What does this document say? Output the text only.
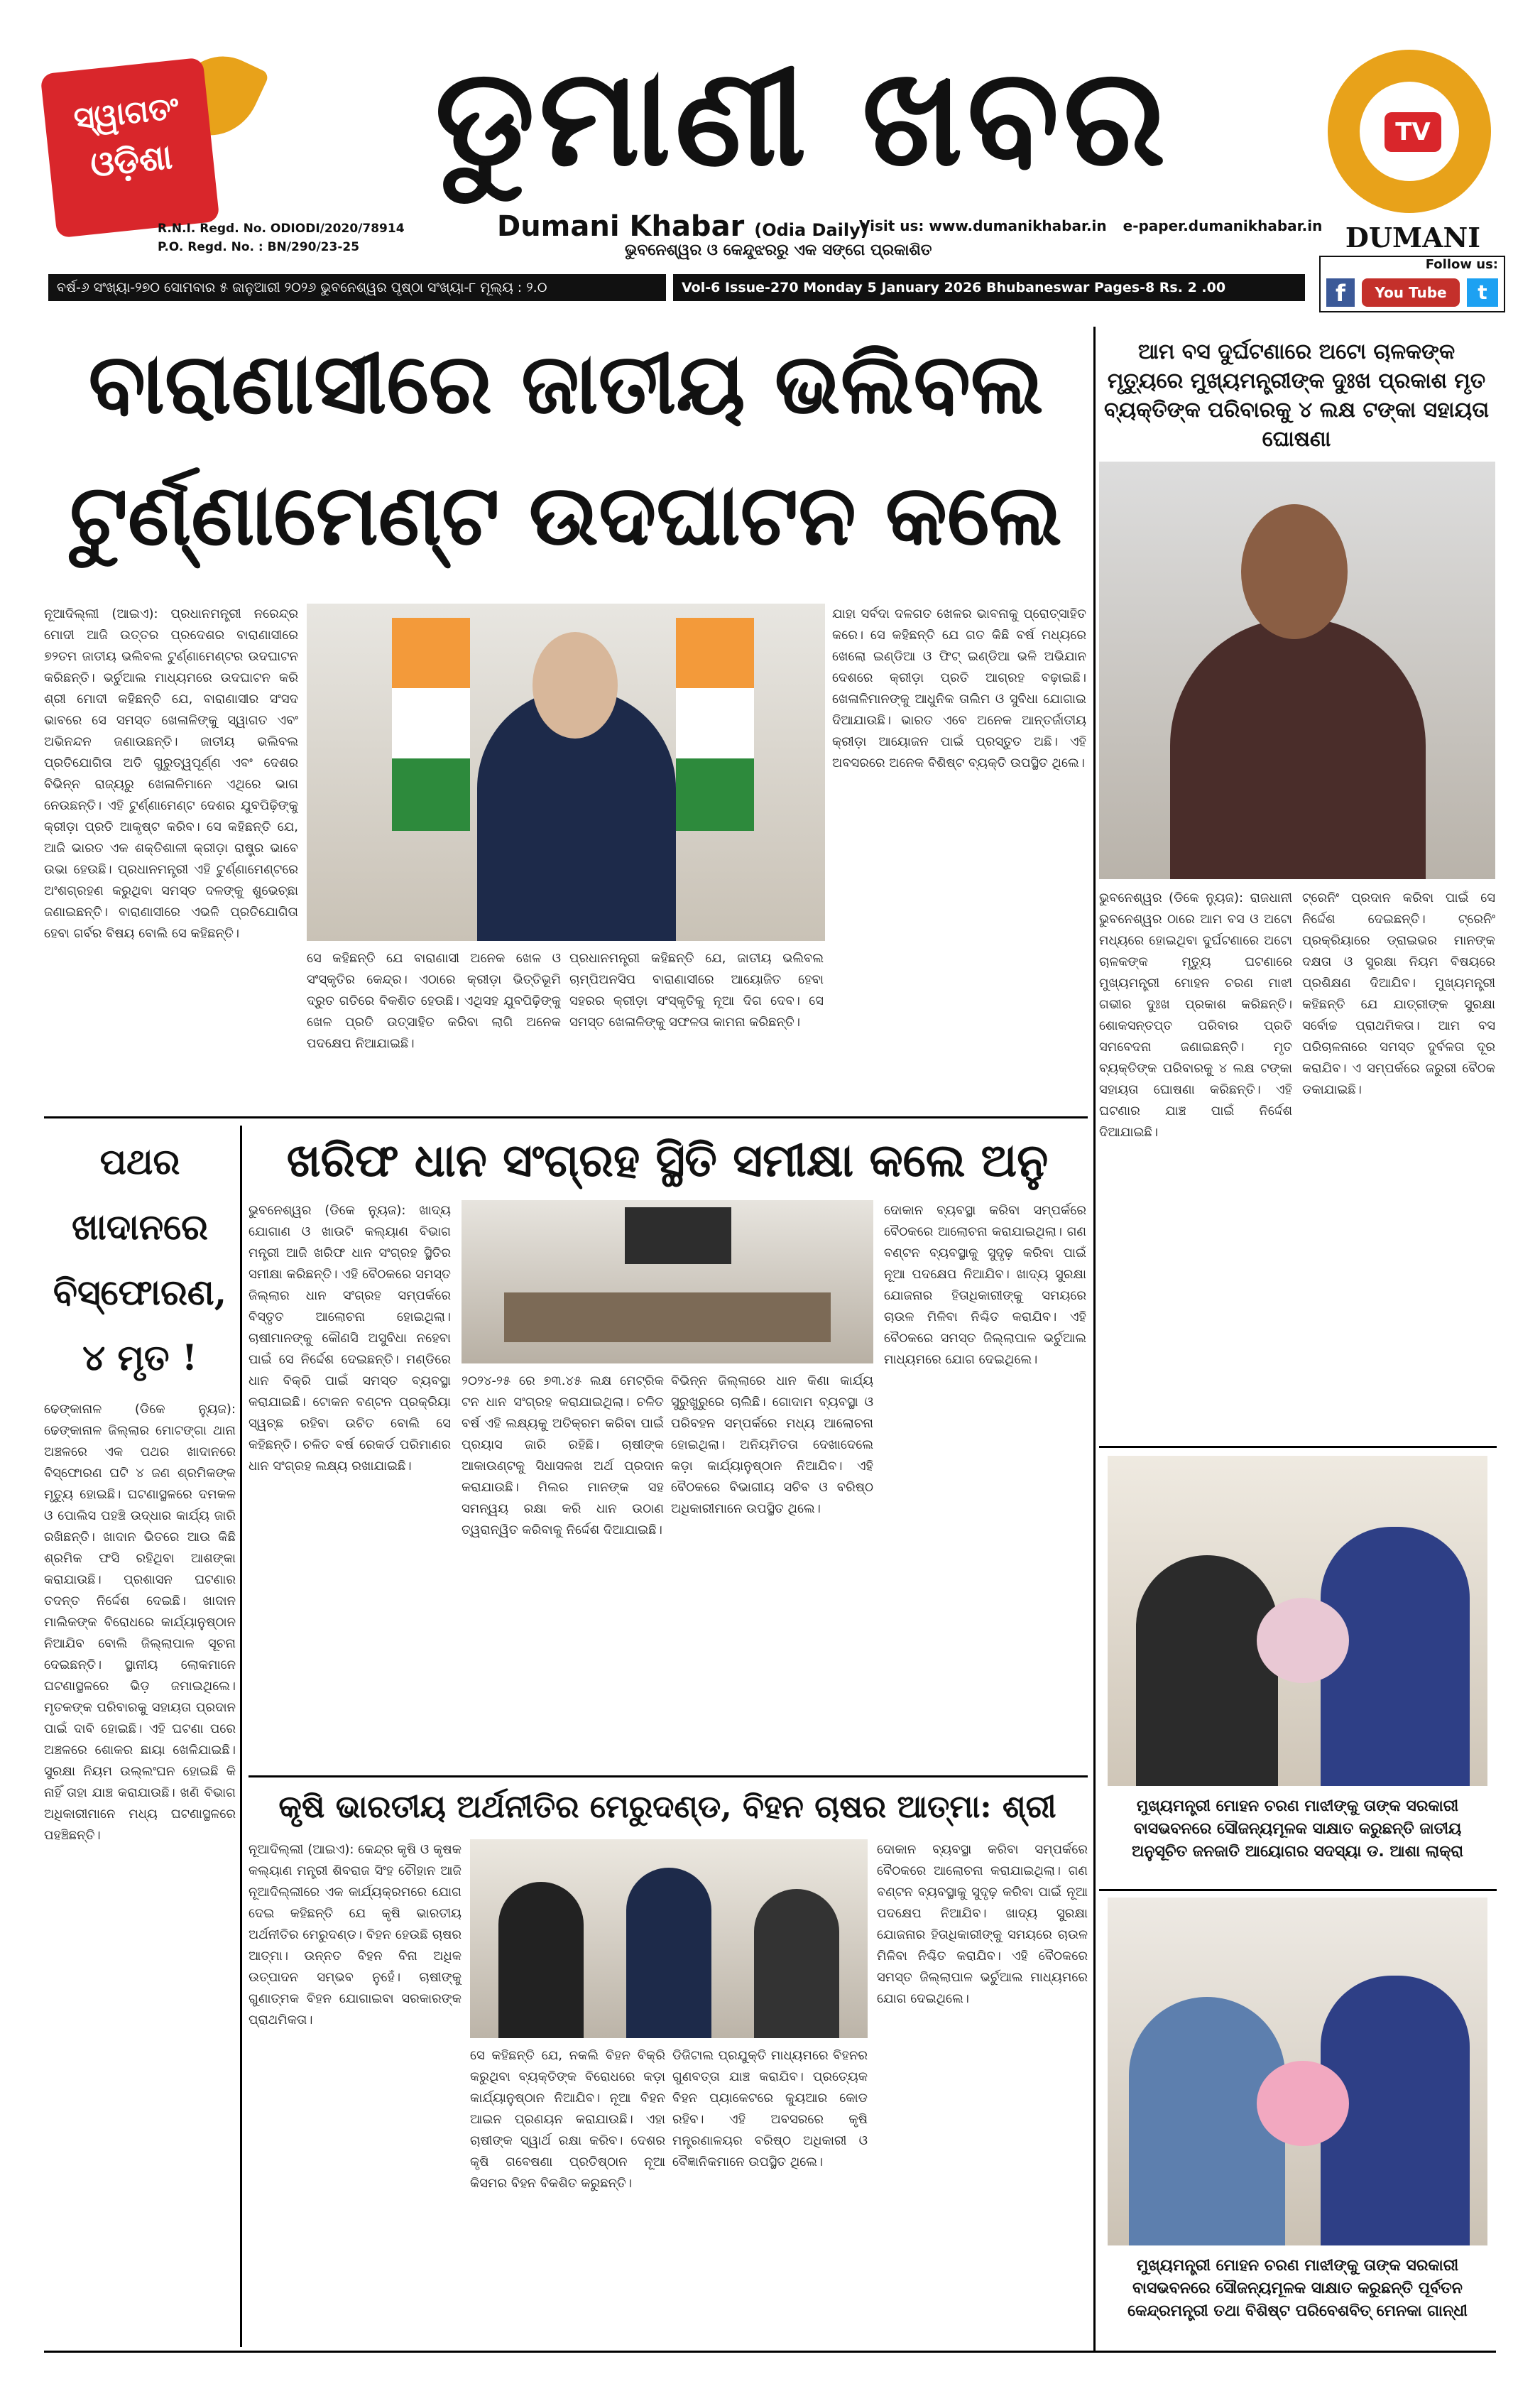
ସ୍ୱାଗତଂ
ଓଡ଼ିଶା	ଡୁମାଣୀ ଖବର
R.N.I. Regd. No. ODIODI/2020/78914
P.O. Regd. No. : BN/290/23-25
Dumani Khabar (Odia Daily)
Visit us: www.dumanikhabar.in e-paper.dumanikhabar.in
ଭୁବନେଶ୍ୱର ଓ କେନ୍ଦୁଝରରୁ ଏକ ସଙ୍ଗେ ପ୍ରକାଶିତ
TV
DUMANI
Follow us:
f	You Tube	t
ବର୍ଷ-୬ ସଂଖ୍ୟା-୨୭୦ ସୋମବାର ୫ ଜାନୁଆରୀ ୨୦୨୬ ଭୁବନେଶ୍ୱର ପୃଷ୍ଠା ସଂଖ୍ୟା-୮ ମୂଲ୍ୟ : ୨.୦	Vol-6 Issue-270 Monday 5 January 2026 Bhubaneswar Pages-8 Rs. 2 .00
ବାରାଣାସୀରେ ଜାତୀୟ ଭଲିବଲ
ଟୁର୍ଣ୍ଣାମେଣ୍ଟ ଉଦଘାଟନ କଲେ
ନୂଆଦିଲ୍ଲୀ (ଆଇଏ): ପ୍ରଧାନମନ୍ତ୍ରୀ ନରେନ୍ଦ୍ର ମୋଦୀ ଆଜି ଉତ୍ତର ପ୍ରଦେଶର ବାରାଣାସୀରେ ୭୨ତମ ଜାତୀୟ ଭଲିବଲ ଟୁର୍ଣ୍ଣାମେଣ୍ଟର ଉଦଘାଟନ କରିଛନ୍ତି। ଭର୍ଚୁଆଲ ମାଧ୍ୟମରେ ଉଦଘାଟନ କରି ଶ୍ରୀ ମୋଦୀ କହିଛନ୍ତି ଯେ, ବାରାଣାସୀର ସଂସଦ ଭାବରେ ସେ ସମସ୍ତ ଖେଳାଳିଙ୍କୁ ସ୍ୱାଗତ ଏବଂ ଅଭିନନ୍ଦନ ଜଣାଉଛନ୍ତି। ଜାତୀୟ ଭଲିବଲ ପ୍ରତିଯୋଗିତା ଅତି ଗୁରୁତ୍ୱପୂର୍ଣ୍ଣ ଏବଂ ଦେଶର ବିଭିନ୍ନ ରାଜ୍ୟରୁ ଖେଳାଳିମାନେ ଏଥିରେ ଭାଗ ନେଉଛନ୍ତି। ଏହି ଟୁର୍ଣ୍ଣାମେଣ୍ଟ ଦେଶର ଯୁବପିଢ଼ିଙ୍କୁ କ୍ରୀଡ଼ା ପ୍ରତି ଆକୃଷ୍ଟ କରିବ। ସେ କହିଛନ୍ତି ଯେ, ଆଜି ଭାରତ ଏକ ଶକ୍ତିଶାଳୀ କ୍ରୀଡ଼ା ରାଷ୍ଟ୍ର ଭାବେ ଉଭା ହେଉଛି। ପ୍ରଧାନମନ୍ତ୍ରୀ ଏହି ଟୁର୍ଣ୍ଣାମେଣ୍ଟରେ ଅଂଶଗ୍ରହଣ କରୁଥିବା ସମସ୍ତ ଦଳଙ୍କୁ ଶୁଭେଚ୍ଛା ଜଣାଇଛନ୍ତି। ବାରାଣାସୀରେ ଏଭଳି ପ୍ରତିଯୋଗିତା ହେବା ଗର୍ବର ବିଷୟ ବୋଲି ସେ କହିଛନ୍ତି।
ସେ କହିଛନ୍ତି ଯେ ବାରାଣାସୀ ଅନେକ ଖେଳ ଓ ସଂସ୍କୃତିର କେନ୍ଦ୍ର। ଏଠାରେ କ୍ରୀଡ଼ା ଭିତ୍ତିଭୂମି ଦ୍ରୁତ ଗତିରେ ବିକଶିତ ହେଉଛି। ଏଥିସହ ଯୁବପିଢ଼ିଙ୍କୁ ଖେଳ ପ୍ରତି ଉତ୍ସାହିତ କରିବା ଲାଗି ଅନେକ ପଦକ୍ଷେପ ନିଆଯାଇଛି।
ପ୍ରଧାନମନ୍ତ୍ରୀ କହିଛନ୍ତି ଯେ, ଜାତୀୟ ଭଲିବଲ ଚାମ୍ପିଅନସିପ ବାରାଣାସୀରେ ଆୟୋଜିତ ହେବା ସହରର କ୍ରୀଡ଼ା ସଂସ୍କୃତିକୁ ନୂଆ ଦିଗ ଦେବ। ସେ ସମସ୍ତ ଖେଳାଳିଙ୍କୁ ସଫଳତା କାମନା କରିଛନ୍ତି।
ଯାହା ସର୍ବଦା ଦଳଗତ ଖେଳର ଭାବନାକୁ ପ୍ରୋତ୍ସାହିତ କରେ। ସେ କହିଛନ୍ତି ଯେ ଗତ କିଛି ବର୍ଷ ମଧ୍ୟରେ ଖେଲୋ ଇଣ୍ଡିଆ ଓ ଫିଟ୍ ଇଣ୍ଡିଆ ଭଳି ଅଭିଯାନ ଦେଶରେ କ୍ରୀଡ଼ା ପ୍ରତି ଆଗ୍ରହ ବଢ଼ାଇଛି। ଖେଳାଳିମାନଙ୍କୁ ଆଧୁନିକ ତାଲିମ ଓ ସୁବିଧା ଯୋଗାଇ ଦିଆଯାଉଛି। ଭାରତ ଏବେ ଅନେକ ଆନ୍ତର୍ଜାତୀୟ କ୍ରୀଡ଼ା ଆୟୋଜନ ପାଇଁ ପ୍ରସ୍ତୁତ ଅଛି। ଏହି ଅବସରରେ ଅନେକ ବିଶିଷ୍ଟ ବ୍ୟକ୍ତି ଉପସ୍ଥିତ ଥିଲେ।
ଆମ ବସ ଦୁର୍ଘଟଣାରେ ଅଟୋ ଚାଳକଙ୍କ ମୃତ୍ୟୁରେ ମୁଖ୍ୟମନ୍ତ୍ରୀଙ୍କ ଦୁଃଖ ପ୍ରକାଶ ମୃତ ବ୍ୟକ୍ତିଙ୍କ ପରିବାରକୁ ୪ ଲକ୍ଷ ଟଙ୍କା ସହାୟତା ଘୋଷଣା
ଭୁବନେଶ୍ୱର (ଡିକେ ନ୍ୟୁଜ): ରାଜଧାନୀ ଭୁବନେଶ୍ୱର ଠାରେ ଆମ ବସ ଓ ଅଟୋ ମଧ୍ୟରେ ହୋଇଥିବା ଦୁର୍ଘଟଣାରେ ଅଟୋ ଚାଳକଙ୍କ ମୃତ୍ୟୁ ଘଟଣାରେ ମୁଖ୍ୟମନ୍ତ୍ରୀ ମୋହନ ଚରଣ ମାଝୀ ଗଭୀର ଦୁଃଖ ପ୍ରକାଶ କରିଛନ୍ତି। ଶୋକସନ୍ତପ୍ତ ପରିବାର ପ୍ରତି ସମବେଦନା ଜଣାଇଛନ୍ତି। ମୃତ ବ୍ୟକ୍ତିଙ୍କ ପରିବାରକୁ ୪ ଲକ୍ଷ ଟଙ୍କା ସହାୟତା ଘୋଷଣା କରିଛନ୍ତି। ଏହି ଘଟଣାର ଯାଞ୍ଚ ପାଇଁ ନିର୍ଦ୍ଦେଶ ଦିଆଯାଇଛି।
ଟ୍ରେନିଂ ପ୍ରଦାନ କରିବା ପାଇଁ ସେ ନିର୍ଦ୍ଦେଶ ଦେଇଛନ୍ତି। ଟ୍ରେନିଂ ପ୍ରକ୍ରିୟାରେ ଡ୍ରାଇଭର ମାନଙ୍କ ଦକ୍ଷତା ଓ ସୁରକ୍ଷା ନିୟମ ବିଷୟରେ ପ୍ରଶିକ୍ଷଣ ଦିଆଯିବ। ମୁଖ୍ୟମନ୍ତ୍ରୀ କହିଛନ୍ତି ଯେ ଯାତ୍ରୀଙ୍କ ସୁରକ୍ଷା ସର୍ବୋଚ୍ଚ ପ୍ରାଥମିକତା। ଆମ ବସ ପରିଚାଳନାରେ ସମସ୍ତ ଦୁର୍ବଳତା ଦୂର କରାଯିବ। ଏ ସମ୍ପର୍କରେ ଜରୁରୀ ବୈଠକ ଡକାଯାଇଛି।
ପଥର
ଖାଦାନରେ
ବିସ୍ଫୋରଣ,
୪ ମୃତ !
ଢେଙ୍କାନାଳ (ଡିକେ ନ୍ୟୁଜ): ଢେଙ୍କାନାଳ ଜିଲ୍ଲାର ମୋଟଙ୍ଗା ଥାନା ଅଞ୍ଚଳରେ ଏକ ପଥର ଖାଦାନରେ ବିସ୍ଫୋରଣ ଘଟି ୪ ଜଣ ଶ୍ରମିକଙ୍କ ମୃତ୍ୟୁ ହୋଇଛି। ଘଟଣାସ୍ଥଳରେ ଦମକଳ ଓ ପୋଲିସ ପହଞ୍ଚି ଉଦ୍ଧାର କାର୍ଯ୍ୟ ଜାରି ରଖିଛନ୍ତି। ଖାଦାନ ଭିତରେ ଆଉ କିଛି ଶ୍ରମିକ ଫସି ରହିଥିବା ଆଶଙ୍କା କରାଯାଉଛି। ପ୍ରଶାସନ ଘଟଣାର ତଦନ୍ତ ନିର୍ଦ୍ଦେଶ ଦେଇଛି। ଖାଦାନ ମାଲିକଙ୍କ ବିରୋଧରେ କାର୍ଯ୍ୟାନୁଷ୍ଠାନ ନିଆଯିବ ବୋଲି ଜିଲ୍ଲାପାଳ ସୂଚନା ଦେଇଛନ୍ତି। ସ୍ଥାନୀୟ ଲୋକମାନେ ଘଟଣାସ୍ଥଳରେ ଭିଡ଼ ଜମାଇଥିଲେ। ମୃତକଙ୍କ ପରିବାରକୁ ସହାୟତା ପ୍ରଦାନ ପାଇଁ ଦାବି ହୋଇଛି। ଏହି ଘଟଣା ପରେ ଅଞ୍ଚଳରେ ଶୋକର ଛାୟା ଖେଳିଯାଇଛି। ସୁରକ୍ଷା ନିୟମ ଉଲ୍ଲଂଘନ ହୋଇଛି କି ନାହିଁ ତାହା ଯାଞ୍ଚ କରାଯାଉଛି। ଖଣି ବିଭାଗ ଅଧିକାରୀମାନେ ମଧ୍ୟ ଘଟଣାସ୍ଥଳରେ ପହଞ୍ଚିଛନ୍ତି।
ଖରିଫ ଧାନ ସଂଗ୍ରହ ସ୍ଥିତି ସମୀକ୍ଷା କଲେ ଅନୁ
ଭୁବନେଶ୍ୱର (ଡିକେ ନ୍ୟୁଜ): ଖାଦ୍ୟ ଯୋଗାଣ ଓ ଖାଉଟି କଲ୍ୟାଣ ବିଭାଗ ମନ୍ତ୍ରୀ ଆଜି ଖରିଫ ଧାନ ସଂଗ୍ରହ ସ୍ଥିତିର ସମୀକ୍ଷା କରିଛନ୍ତି। ଏହି ବୈଠକରେ ସମସ୍ତ ଜିଲ୍ଲାର ଧାନ ସଂଗ୍ରହ ସମ୍ପର୍କରେ ବିସ୍ତୃତ ଆଲୋଚନା ହୋଇଥିଲା। ଚାଷୀମାନଙ୍କୁ କୌଣସି ଅସୁବିଧା ନହେବା ପାଇଁ ସେ ନିର୍ଦ୍ଦେଶ ଦେଇଛନ୍ତି। ମଣ୍ଡିରେ ଧାନ ବିକ୍ରି ପାଇଁ ସମସ୍ତ ବ୍ୟବସ୍ଥା କରାଯାଇଛି। ଟୋକନ ବଣ୍ଟନ ପ୍ରକ୍ରିୟା ସ୍ୱଚ୍ଛ ରହିବା ଉଚିତ ବୋଲି ସେ କହିଛନ୍ତି। ଚଳିତ ବର୍ଷ ରେକର୍ଡ ପରିମାଣର ଧାନ ସଂଗ୍ରହ ଲକ୍ଷ୍ୟ ରଖାଯାଇଛି।
୨୦୨୪-୨୫ ରେ ୭୩.୪୫ ଲକ୍ଷ ମେଟ୍ରିକ ଟନ ଧାନ ସଂଗ୍ରହ କରାଯାଇଥିଲା। ଚଳିତ ବର୍ଷ ଏହି ଲକ୍ଷ୍ୟକୁ ଅତିକ୍ରମ କରିବା ପାଇଁ ପ୍ରୟାସ ଜାରି ରହିଛି। ଚାଷୀଙ୍କ ଆକାଉଣ୍ଟକୁ ସିଧାସଳଖ ଅର୍ଥ ପ୍ରଦାନ କରାଯାଉଛି। ମିଲର ମାନଙ୍କ ସହ ସମନ୍ୱୟ ରକ୍ଷା କରି ଧାନ ଉଠାଣ ତ୍ୱରାନ୍ୱିତ କରିବାକୁ ନିର୍ଦ୍ଦେଶ ଦିଆଯାଇଛି।
ବିଭିନ୍ନ ଜିଲ୍ଲାରେ ଧାନ କିଣା କାର୍ଯ୍ୟ ସୁରୁଖୁରୁରେ ଚାଲିଛି। ଗୋଦାମ ବ୍ୟବସ୍ଥା ଓ ପରିବହନ ସମ୍ପର୍କରେ ମଧ୍ୟ ଆଲୋଚନା ହୋଇଥିଲା। ଅନିୟମିତତା ଦେଖାଦେଲେ କଡ଼ା କାର୍ଯ୍ୟାନୁଷ୍ଠାନ ନିଆଯିବ। ଏହି ବୈଠକରେ ବିଭାଗୀୟ ସଚିବ ଓ ବରିଷ୍ଠ ଅଧିକାରୀମାନେ ଉପସ୍ଥିତ ଥିଲେ।
ଦୋକାନ ବ୍ୟବସ୍ଥା କରିବା ସମ୍ପର୍କରେ ବୈଠକରେ ଆଲୋଚନା କରାଯାଇଥିଲା। ଗଣ ବଣ୍ଟନ ବ୍ୟବସ୍ଥାକୁ ସୁଦୃଢ଼ କରିବା ପାଇଁ ନୂଆ ପଦକ୍ଷେପ ନିଆଯିବ। ଖାଦ୍ୟ ସୁରକ୍ଷା ଯୋଜନାର ହିତାଧିକାରୀଙ୍କୁ ସମୟରେ ଚାଉଳ ମିଳିବା ନିଶ୍ଚିତ କରାଯିବ। ଏହି ବୈଠକରେ ସମସ୍ତ ଜିଲ୍ଲାପାଳ ଭର୍ଚୁଆଲ ମାଧ୍ୟମରେ ଯୋଗ ଦେଇଥିଲେ।
କୃଷି ଭାରତୀୟ ଅର୍ଥନୀତିର ମେରୁଦଣ୍ଡ, ବିହନ ଚାଷର ଆତ୍ମା: ଶ୍ରୀ
ନୂଆଦିଲ୍ଲୀ (ଆଇଏ): କେନ୍ଦ୍ର କୃଷି ଓ କୃଷକ କଲ୍ୟାଣ ମନ୍ତ୍ରୀ ଶିବରାଜ ସିଂହ ଚୌହାନ ଆଜି ନୂଆଦିଲ୍ଲୀରେ ଏକ କାର୍ଯ୍ୟକ୍ରମରେ ଯୋଗ ଦେଇ କହିଛନ୍ତି ଯେ କୃଷି ଭାରତୀୟ ଅର୍ଥନୀତିର ମେରୁଦଣ୍ଡ। ବିହନ ହେଉଛି ଚାଷର ଆତ୍ମା। ଉନ୍ନତ ବିହନ ବିନା ଅଧିକ ଉତ୍ପାଦନ ସମ୍ଭବ ନୁହେଁ। ଚାଷୀଙ୍କୁ ଗୁଣାତ୍ମକ ବିହନ ଯୋଗାଇବା ସରକାରଙ୍କ ପ୍ରାଥମିକତା।
ସେ କହିଛନ୍ତି ଯେ, ନକଲି ବିହନ ବିକ୍ରି କରୁଥିବା ବ୍ୟକ୍ତିଙ୍କ ବିରୋଧରେ କଡ଼ା କାର୍ଯ୍ୟାନୁଷ୍ଠାନ ନିଆଯିବ। ନୂଆ ବିହନ ଆଇନ ପ୍ରଣୟନ କରାଯାଉଛି। ଏହା ଚାଷୀଙ୍କ ସ୍ୱାର୍ଥ ରକ୍ଷା କରିବ। ଦେଶର କୃଷି ଗବେଷଣା ପ୍ରତିଷ୍ଠାନ ନୂଆ କିସମର ବିହନ ବିକଶିତ କରୁଛନ୍ତି।
ଡିଜିଟାଲ ପ୍ରଯୁକ୍ତି ମାଧ୍ୟମରେ ବିହନର ଗୁଣବତ୍ତା ଯାଞ୍ଚ କରାଯିବ। ପ୍ରତ୍ୟେକ ବିହନ ପ୍ୟାକେଟରେ କ୍ୟୁଆର କୋଡ ରହିବ। ଏହି ଅବସରରେ କୃଷି ମନ୍ତ୍ରଣାଳୟର ବରିଷ୍ଠ ଅଧିକାରୀ ଓ ବୈଜ୍ଞାନିକମାନେ ଉପସ୍ଥିତ ଥିଲେ।
ଦୋକାନ ବ୍ୟବସ୍ଥା କରିବା ସମ୍ପର୍କରେ ବୈଠକରେ ଆଲୋଚନା କରାଯାଇଥିଲା। ଗଣ ବଣ୍ଟନ ବ୍ୟବସ୍ଥାକୁ ସୁଦୃଢ଼ କରିବା ପାଇଁ ନୂଆ ପଦକ୍ଷେପ ନିଆଯିବ। ଖାଦ୍ୟ ସୁରକ୍ଷା ଯୋଜନାର ହିତାଧିକାରୀଙ୍କୁ ସମୟରେ ଚାଉଳ ମିଳିବା ନିଶ୍ଚିତ କରାଯିବ। ଏହି ବୈଠକରେ ସମସ୍ତ ଜିଲ୍ଲାପାଳ ଭର୍ଚୁଆଲ ମାଧ୍ୟମରେ ଯୋଗ ଦେଇଥିଲେ।
ମୁଖ୍ୟମନ୍ତ୍ରୀ ମୋହନ ଚରଣ ମାଝୀଙ୍କୁ ତାଙ୍କ ସରକାରୀ ବାସଭବନରେ ସୌଜନ୍ୟମୂଳକ ସାକ୍ଷାତ କରୁଛନ୍ତି ଜାତୀୟ ଅନୁସୂଚିତ ଜନଜାତି ଆୟୋଗର ସଦସ୍ୟା ଡ. ଆଶା ଲାକ୍ରା
ମୁଖ୍ୟମନ୍ତ୍ରୀ ମୋହନ ଚରଣ ମାଝୀଙ୍କୁ ତାଙ୍କ ସରକାରୀ ବାସଭବନରେ ସୌଜନ୍ୟମୂଳକ ସାକ୍ଷାତ କରୁଛନ୍ତି ପୂର୍ବତନ କେନ୍ଦ୍ରମନ୍ତ୍ରୀ ତଥା ବିଶିଷ୍ଟ ପରିବେଶବିତ୍ ମେନକା ଗାନ୍ଧୀ
